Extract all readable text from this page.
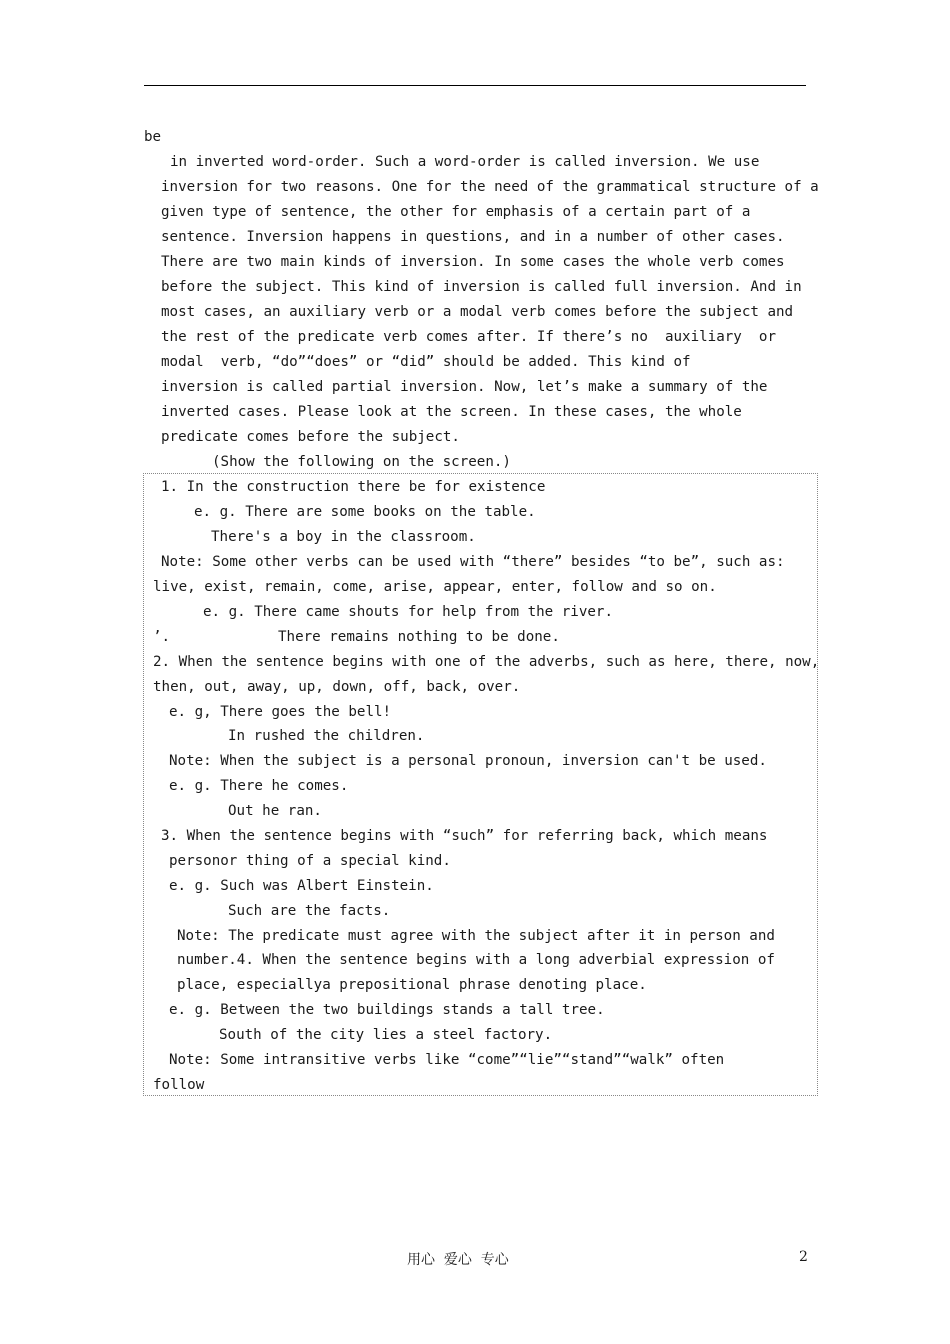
be
in inverted word-order. Such a word-order is called inversion. We use
inversion for two reasons. One for the need of the grammatical structure of a
given type of sentence, the other for emphasis of a certain part of a
sentence. Inversion happens in questions, and in a number of other cases.
There are two main kinds of inversion. In some cases the whole verb comes
before the subject. This kind of inversion is called full inversion. And in
most cases, an auxiliary verb or a modal verb comes before the subject and
the rest of the predicate verb comes after. If there’s no  auxiliary  or
modal  verb, “do”“does” or “did” should be added. This kind of
inversion is called partial inversion. Now, let’s make a summary of the
inverted cases. Please look at the screen. In these cases, the whole
predicate comes before the subject.
(Show the following on the screen.)
1. In the construction there be for existence
e. g. There are some books on the table.
There's a boy in the classroom.
Note: Some other verbs can be used with “there” besides “to be”, such as:
live, exist, remain, come, arise, appear, enter, follow and so on.
e. g. There came shouts for help from the river.
’.	There remains nothing to be done.
2. When the sentence begins with one of the adverbs, such as here, there, now,
then, out, away, up, down, off, back, over.
e. g, There goes the bell!
In rushed the children.
Note: When the subject is a personal pronoun, inversion can't be used.
e. g. There he comes.
Out he ran.
3. When the sentence begins with “such” for referring back, which means
personor thing of a special kind.
e. g. Such was Albert Einstein.
Such are the facts.
Note: The predicate must agree with the subject after it in person and
number.4. When the sentence begins with a long adverbial expression of
place, especiallya prepositional phrase denoting place.
e. g. Between the two buildings stands a tall tree.
South of the city lies a steel factory.
Note: Some intransitive verbs like “come”“lie”“stand”“walk” often
follow
用心  爱心  专心	2
